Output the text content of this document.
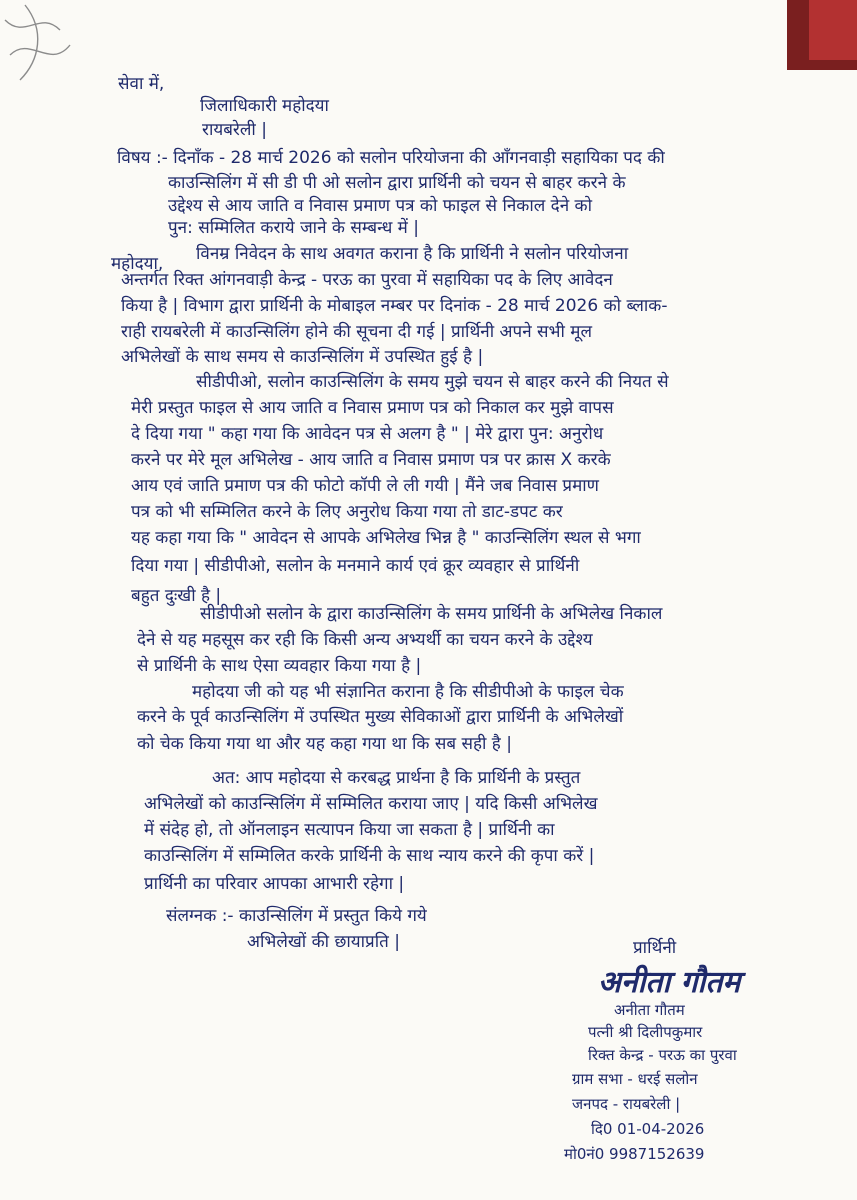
सेवा में,
जिलाधिकारी महोदया
रायबरेली |
विषय :- दिनाँक - 28 मार्च 2026 को सलोन परियोजना की आँगनवाड़ी सहायिका पद की
काउन्सिलिंग में सी डी पी ओ सलोन द्वारा प्रार्थिनी को चयन से बाहर करने के
उद्देश्य से आय जाति व निवास प्रमाण पत्र को फाइल से निकाल देने को
पुन: सम्मिलित कराये जाने के सम्बन्ध में |
महोदया, विनम्र निवेदन के साथ अवगत कराना है कि प्रार्थिनी ने सलोन परियोजना
अन्तर्गत रिक्त आंगनवाड़ी केन्द्र - परऊ का पुरवा में सहायिका पद के लिए आवेदन
किया है | विभाग द्वारा प्रार्थिनी के मोबाइल नम्बर पर दिनांक - 28 मार्च 2026 को ब्लाक-
राही रायबरेली में काउन्सिलिंग होने की सूचना दी गई | प्रार्थिनी अपने सभी मूल
अभिलेखों के साथ समय से काउन्सिलिंग में उपस्थित हुई है |
सीडीपीओ, सलोन काउन्सिलिंग के समय मुझे चयन से बाहर करने की नियत से
मेरी प्रस्तुत फाइल से आय जाति व निवास प्रमाण पत्र को निकाल कर मुझे वापस
दे दिया गया " कहा गया कि आवेदन पत्र से अलग है " | मेरे द्वारा पुन: अनुरोध
करने पर मेरे मूल अभिलेख - आय जाति व निवास प्रमाण पत्र पर क्रास X करके
आय एवं जाति प्रमाण पत्र की फोटो कॉपी ले ली गयी | मैंने जब निवास प्रमाण
पत्र को भी सम्मिलित करने के लिए अनुरोध किया गया तो डाट-डपट कर
यह कहा गया कि " आवेदन से आपके अभिलेख भिन्न है " काउन्सिलिंग स्थल से भगा
दिया गया | सीडीपीओ, सलोन के मनमाने कार्य एवं क्रूर व्यवहार से प्रार्थिनी
बहुत दुःखी है |
सीडीपीओ सलोन के द्वारा काउन्सिलिंग के समय प्रार्थिनी के अभिलेख निकाल
देने से यह महसूस कर रही कि किसी अन्य अभ्यर्थी का चयन करने के उद्देश्य
से प्रार्थिनी के साथ ऐसा व्यवहार किया गया है |
महोदया जी को यह भी संज्ञानित कराना है कि सीडीपीओ के फाइल चेक
करने के पूर्व काउन्सिलिंग में उपस्थित मुख्य सेविकाओं द्वारा प्रार्थिनी के अभिलेखों
को चेक किया गया था और यह कहा गया था कि सब सही है |
अत: आप महोदया से करबद्ध प्रार्थना है कि प्रार्थिनी के प्रस्तुत
अभिलेखों को काउन्सिलिंग में सम्मिलित कराया जाए | यदि किसी अभिलेख
में संदेह हो, तो ऑनलाइन सत्यापन किया जा सकता है | प्रार्थिनी का
काउन्सिलिंग में सम्मिलित करके प्रार्थिनी के साथ न्याय करने की कृपा करें |
प्रार्थिनी का परिवार आपका आभारी रहेगा |
संलग्नक :- काउन्सिलिंग में प्रस्तुत किये गये
अभिलेखों की छायाप्रति |	प्रार्थिनी
अनीता गौतम
अनीता गौतम
पत्नी श्री दिलीपकुमार
रिक्त केन्द्र - परऊ का पुरवा
ग्राम सभा - धरई सलोन
जनपद - रायबरेली |
दि0 01-04-2026
मो0नं0 9987152639
